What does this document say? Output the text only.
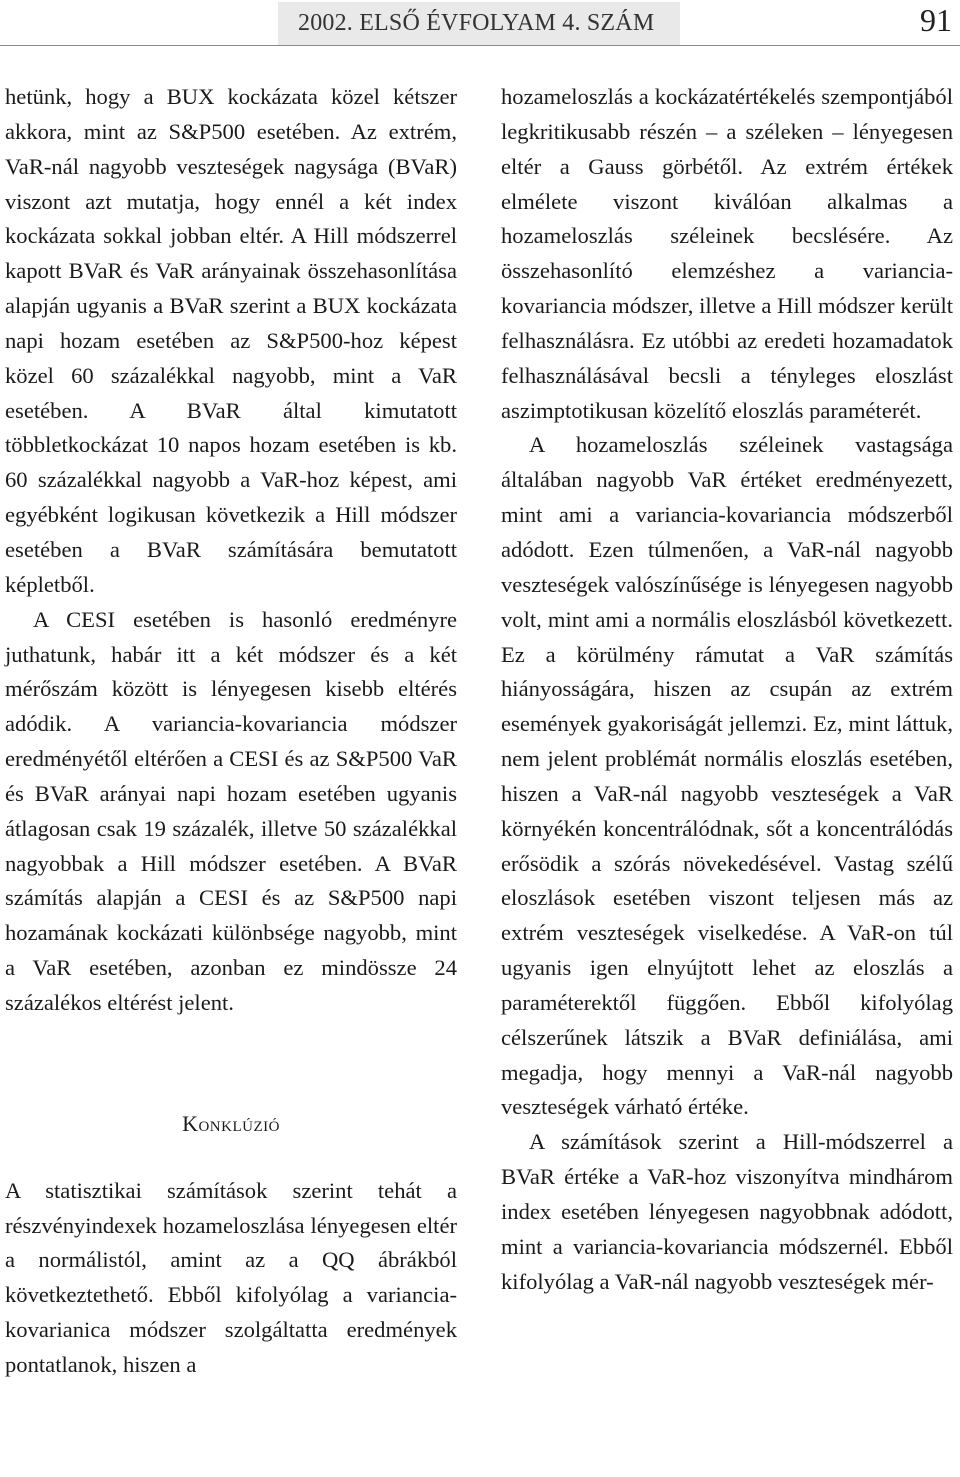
2002. ELSŐ ÉVFOLYAM 4. SZÁM	91

hetünk, hogy a BUX kockázata közel kétszer akkora, mint az S&P500 esetében. Az extrém, VaR-nál nagyobb veszteségek nagysága (BVaR) viszont azt mutatja, hogy ennél a két index kockázata sokkal jobban eltér. A Hill módszerrel kapott BVaR és VaR arányainak összehasonlítása alapján ugyanis a BVaR szerint a BUX kockázata napi hozam esetében az S&P500-hoz képest közel 60 százalékkal nagyobb, mint a VaR esetében. A BVaR által kimutatott többletkockázat 10 napos hozam esetében is kb. 60 százalékkal nagyobb a VaR-hoz képest, ami egyébként logikusan következik a Hill módszer esetében a BVaR számítására bemutatott képletből.

A CESI esetében is hasonló eredményre juthatunk, habár itt a két módszer és a két mérőszám között is lényegesen kisebb eltérés adódik. A variancia-kovariancia módszer eredményétől eltérően a CESI és az S&P500 VaR és BVaR arányai napi hozam esetében ugyanis átlagosan csak 19 százalék, illetve 50 százalékkal nagyobbak a Hill módszer esetében. A BVaR számítás alapján a CESI és az S&P500 napi hozamának kockázati különbsége nagyobb, mint a VaR esetében, azonban ez mindössze 24 százalékos eltérést jelent.

Konklúzió

A statisztikai számítások szerint tehát a részvényindexek hozameloszlása lényegesen eltér a normálistól, amint az a QQ ábrákból következtethető. Ebből kifolyólag a variancia-kovarianica módszer szolgáltatta eredmények pontatlanok, hiszen a

hozameloszlás a kockázatértékelés szempontjából legkritikusabb részén – a széleken – lényegesen eltér a Gauss görbétől. Az extrém értékek elmélete viszont kiválóan alkalmas a hozameloszlás széleinek becslésére. Az összehasonlító elemzéshez a variancia-kovariancia módszer, illetve a Hill módszer került felhasználásra. Ez utóbbi az eredeti hozamadatok felhasználásával becsli a tényleges eloszlást aszimptotikusan közelítő eloszlás paraméterét.

A hozameloszlás széleinek vastagsága általában nagyobb VaR értéket eredményezett, mint ami a variancia-kovariancia módszerből adódott. Ezen túlmenően, a VaR-nál nagyobb veszteségek valószínűsége is lényegesen nagyobb volt, mint ami a normális eloszlásból következett. Ez a körülmény rámutat a VaR számítás hiányosságára, hiszen az csupán az extrém események gyakoriságát jellemzi. Ez, mint láttuk, nem jelent problémát normális eloszlás esetében, hiszen a VaR-nál nagyobb veszteségek a VaR környékén koncentrálódnak, sőt a koncentrálódás erősödik a szórás növekedésével. Vastag szélű eloszlások esetében viszont teljesen más az extrém veszteségek viselkedése. A VaR-on túl ugyanis igen elnyújtott lehet az eloszlás a paraméterektől függően. Ebből kifolyólag célszerűnek látszik a BVaR definiálása, ami megadja, hogy mennyi a VaR-nál nagyobb veszteségek várható értéke.

A számítások szerint a Hill-módszerrel a BVaR értéke a VaR-hoz viszonyítva mindhárom index esetében lényegesen nagyobbnak adódott, mint a variancia-kovariancia módszernél. Ebből kifolyólag a VaR-nál nagyobb veszteségek mér-
